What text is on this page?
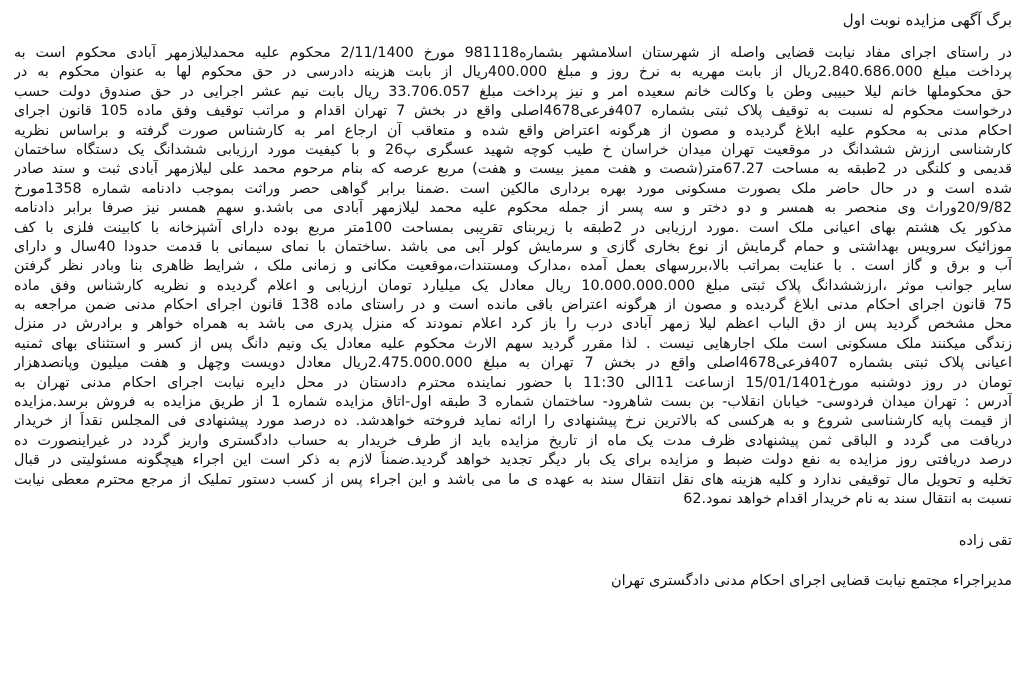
برگ آگهی مزایده نوبت اول
در راستای اجرای مفاد نیابت قضایی واصله از شهرستان اسلامشهر بشماره981118 مورخ 2/11/1400 محکوم علیه محمدلیلازمهر آبادی محکوم است به
پرداخت مبلغ 2.840.686.000ریال از بابت مهریه به نرخ روز و مبلغ 400.000ریال از بابت هزینه دادرسی در حق محکوم لها به عنوان محکوم به در
حق محکوملها خانم لیلا حبیبی وطن با وکالت خانم سعیده امر و نیز پرداخت مبلغ 33.706.057 ریال بابت نیم عشر اجرایی در حق صندوق دولت حسب
درخواست محکوم له نسبت به توقیف پلاک ثبتی بشماره 407فرعی4678اصلی واقع در بخش 7 تهران اقدام و مراتب توقیف وفق ماده 105 قانون اجرای
احکام مدنی به محکوم علیه ابلاغ گردیده و مصون از هرگونه اعتراض واقع شده و متعاقب آن ارجاع امر به کارشناس صورت گرفته و براساس نظریه
کارشناسی ارزش ششدانگ در موقعیت تهران میدان خراسان خ طیب کوچه شهید عسگری پ26 و با کیفیت مورد ارزیابی ششدانگ یک دستگاه ساختمان
قدیمی و کلنگی در 2طبقه به مساحت 67.27متر(شصت و هفت ممیز بیست و هفت) مربع عرصه که بنام مرحوم محمد علی لیلازمهر آبادی ثبت و سند صادر
شده است و در حال حاضر ملک بصورت مسکونی مورد بهره برداری مالکین است .ضمنا برابر گواهی حصر وراثت بموجب دادنامه شماره 1358مورخ
20/9/82وراث وی منحصر به همسر و دو دختر و سه پسر از جمله محکوم علیه محمد لیلازمهر آبادی می باشد.و سهم همسر نیز صرفا برابر دادنامه
مذکور یک هشتم بهای اعیانی ملک است .مورد ارزیابی در 2طبقه با زیربنای تقریبی بمساحت 100متر مربع بوده دارای آشپزخانه با کابینت فلزی با کف
موزائیک سرویس بهداشتی و حمام گرمایش از نوع بخاری گازی و سرمایش کولر آبی می باشد .ساختمان با نمای سیمانی با قدمت حدودا 40سال و دارای
آب و برق و گاز است . با عنایت بمراتب بالا،بررسهای بعمل آمده ،مدارک ومستندات،موقعیت مکانی و زمانی ملک ، شرایط ظاهری بنا وبادر نظر گرفتن
سایر جوانب موثر ،ارزششدانگ پلاک ثبتی مبلغ 10.000.000.000 ریال معادل یک میلیارد تومان ارزیابی و اعلام گردیده و نظریه کارشناس وفق ماده
75 قانون اجرای احکام مدنی ابلاغ گردیده و مصون از هرگونه اعتراض باقی مانده است و در راستای ماده 138 قانون اجرای احکام مدنی ضمن مراجعه به
محل مشخص گردید پس از دق الباب اعظم لیلا زمهر آبادی درب را باز کرد اعلام نمودند که منزل پدری می باشد به همراه خواهر و برادرش در منزل
زندگی میکنند ملک مسکونی است ملک اجارهایی نیست . لذا مقرر گردید سهم الارث محکوم علیه معادل یک ونیم دانگ پس از کسر و استثنای بهای ثمنیه
اعیانی پلاک ثبتی بشماره 407فرعی4678اصلی واقع در بخش 7 تهران به مبلغ 2.475.000.000ریال معادل دویست وچهل و هفت میلیون وپانصدهزار
تومان در روز دوشنبه مورخ15/01/1401 ازساعت 11الی 11:30 با حضور نماینده محترم دادستان در محل دایره نیابت اجرای احکام مدنی تهران به
آدرس : تهران میدان فردوسی- خیابان انقلاب- بن بست شاهرود- ساختمان شماره 3 طبقه اول-اتاق مزایده شماره 1 از طریق مزایده به فروش برسد.مزایده
از قیمت پایه کارشناسی شروع و به هرکسی که بالاترین نرخ پیشنهادی را ارائه نماید فروخته خواهدشد. ده درصد مورد پیشنهادی فی المجلس نقداً از خریدار
دریافت می گردد و الباقی ثمن پیشنهادی ظرف مدت یک ماه از تاریخ مزایده باید از طرف خریدار به حساب دادگستری واریز گردد در غیراینصورت ده
درصد دریافتی روز مزایده به نفع دولت ضبط و مزایده برای یک بار دیگر تجدید خواهد گردید.ضمناً لازم به ذکر است این اجراء هیچگونه مسئولیتی در قبال
تخلیه و تحویل مال توقیفی ندارد و کلیه هزینه های نقل انتقال سند به عهده ی ما می باشد و این اجراء پس از کسب دستور تملیک از مرجع محترم معطی نیابت
نسبت به انتقال سند به نام خریدار اقدام خواهد نمود.62
تقی زاده
مدیراجراء مجتمع نیابت قضایی اجرای احکام مدنی دادگستری تهران
